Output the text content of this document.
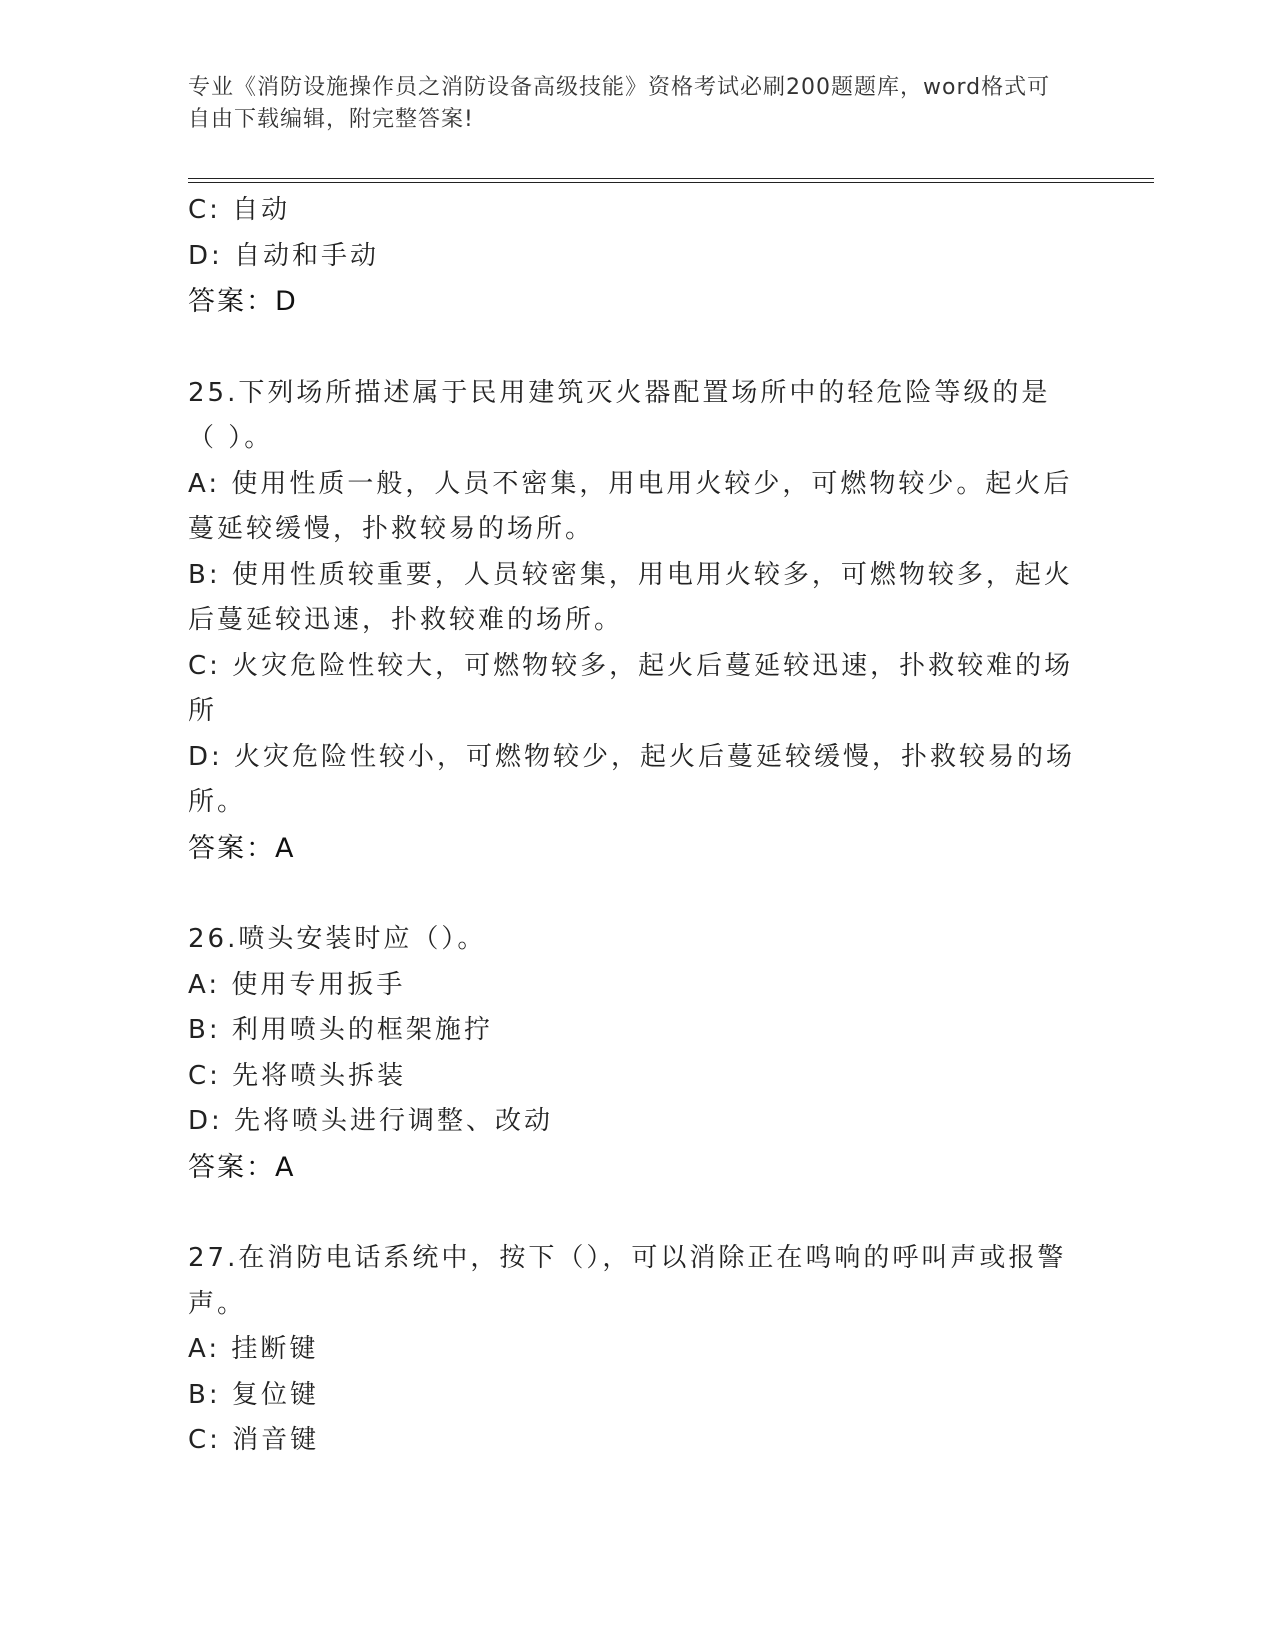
专业《消防设施操作员之消防设备高级技能》资格考试必刷200题题库，word格式可自由下载编辑，附完整答案!
C: 自动
D: 自动和手动
答案：D
25.下列场所描述属于民用建筑灭火器配置场所中的轻危险等级的是（ ）。
A: 使用性质一般，人员不密集，用电用火较少，可燃物较少。起火后蔓延较缓慢，扑救较易的场所。
B: 使用性质较重要，人员较密集，用电用火较多，可燃物较多，起火后蔓延较迅速，扑救较难的场所。
C: 火灾危险性较大，可燃物较多，起火后蔓延较迅速，扑救较难的场所
D: 火灾危险性较小，可燃物较少，起火后蔓延较缓慢，扑救较易的场所。
答案：A
26.喷头安装时应（）。
A: 使用专用扳手
B: 利用喷头的框架施拧
C: 先将喷头拆装
D: 先将喷头进行调整、改动
答案：A
27.在消防电话系统中，按下（），可以消除正在鸣响的呼叫声或报警声。
A: 挂断键
B: 复位键
C: 消音键
